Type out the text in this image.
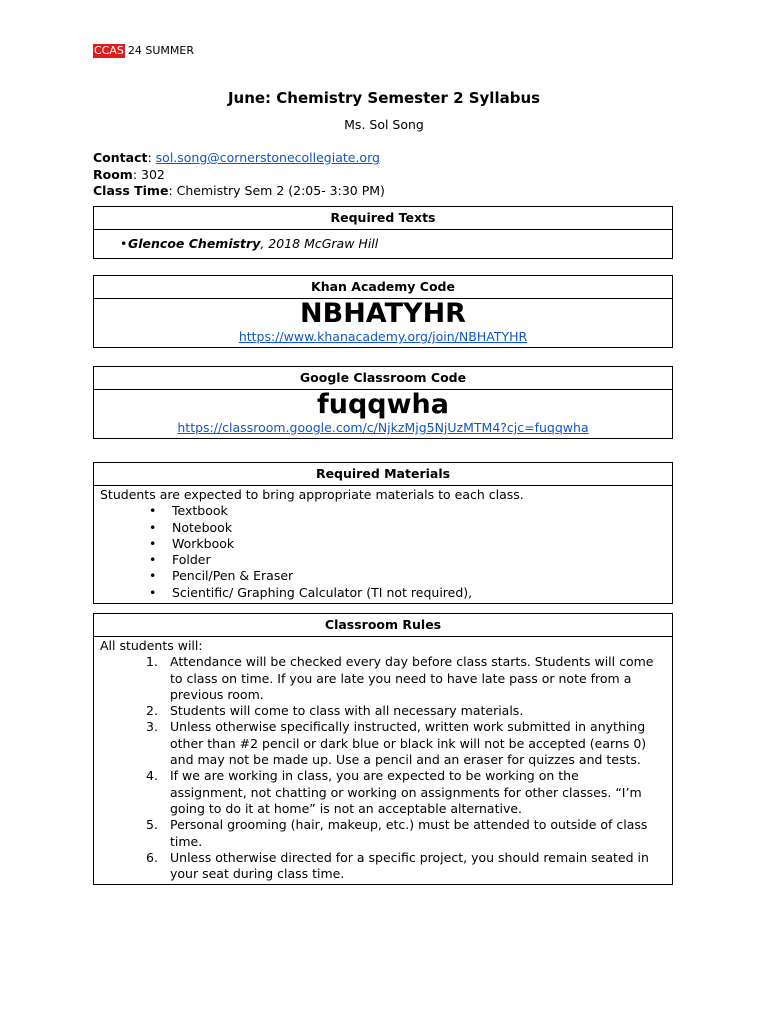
CCAS 24 SUMMER
June: Chemistry Semester 2 Syllabus
Ms. Sol Song
Contact: sol.song@cornerstonecollegiate.org
Room: 302
Class Time: Chemistry Sem 2 (2:05- 3:30 PM)
Required Texts
• Glencoe Chemistry, 2018 McGraw Hill
Khan Academy Code
NBHATYHR
https://www.khanacademy.org/join/NBHATYHR
Google Classroom Code
fuqqwha
https://classroom.google.com/c/NjkzMjg5NjUzMTM4?cjc=fuqqwha
Required Materials
Students are expected to bring appropriate materials to each class.
• Textbook
• Notebook
• Workbook
• Folder
• Pencil/Pen & Eraser
• Scientific/ Graphing Calculator (TI not required),
Classroom Rules
All students will:
1. Attendance will be checked every day before class starts. Students will come to class on time. If you are late you need to have late pass or note from a previous room.
2. Students will come to class with all necessary materials.
3. Unless otherwise specifically instructed, written work submitted in anything other than #2 pencil or dark blue or black ink will not be accepted (earns 0) and may not be made up. Use a pencil and an eraser for quizzes and tests.
4. If we are working in class, you are expected to be working on the assignment, not chatting or working on assignments for other classes. “I’m going to do it at home” is not an acceptable alternative.
5. Personal grooming (hair, makeup, etc.) must be attended to outside of class time.
6. Unless otherwise directed for a specific project, you should remain seated in your seat during class time.
